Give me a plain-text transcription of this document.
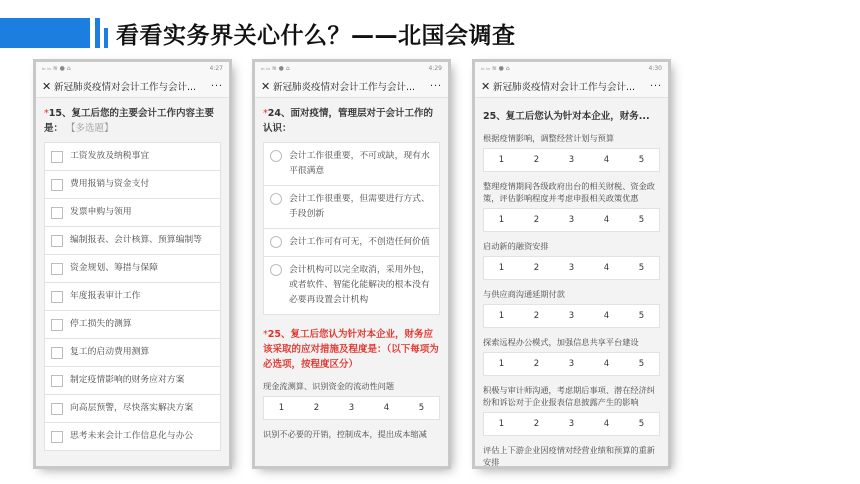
看看实务界关心什么？——北国会调查
ᵢₙ ᵢₙ ≋ ● ⌂	4:27
✕ 新冠肺炎疫情对会计工作与会计...	···
*15、复工后您的主要会计工作内容主要是： 【多选题】
工资发放及纳税事宜
费用报销与资金支付
发票申购与领用
编制报表、会计核算、预算编制等
资金规划、筹措与保障
年度报表审计工作
停工损失的测算
复工的启动费用测算
制定疫情影响的财务应对方案
向高层预警，尽快落实解决方案
思考未来会计工作信息化与办公
ᵢₙ ᵢₙ ≋ ● ⌂	4:29
✕ 新冠肺炎疫情对会计工作与会计...	···
*24、面对疫情，管理层对于会计工作的认识：
会计工作很重要，不可或缺，现有水平很满意
会计工作很重要，但需要进行方式、手段创新
会计工作可有可无，不创造任何价值
会计机构可以完全取消，采用外包，或者软件、智能化能解决的根本没有必要再设置会计机构
*25、复工后您认为针对本企业，财务应该采取的应对措施及程度是：（以下每项为必选项，按程度区分）
现金流测算、识别资金的流动性问题
1	2	3	4	5
识别不必要的开销，控制成本，提出成本缩减
ᵢₙ ᵢₙ ≋ ● ⌂	4:30
✕ 新冠肺炎疫情对会计工作与会计...	···
25、复工后您认为针对本企业，财务...
根据疫情影响，调整经营计划与预算
1	2	3	4	5
整理疫情期间各级政府出台的相关财税、资金政策，评估影响程度并考虑申报相关政策优惠
1	2	3	4	5
启动新的融资安排
1	2	3	4	5
与供应商沟通延期付款
1	2	3	4	5
探索远程办公模式，加强信息共享平台建设
1	2	3	4	5
积极与审计师沟通，考虑期后事项、潜在经济纠纷和诉讼对于企业报表信息披露产生的影响
1	2	3	4	5
评估上下游企业因疫情对经营业绩和预算的重新安排
